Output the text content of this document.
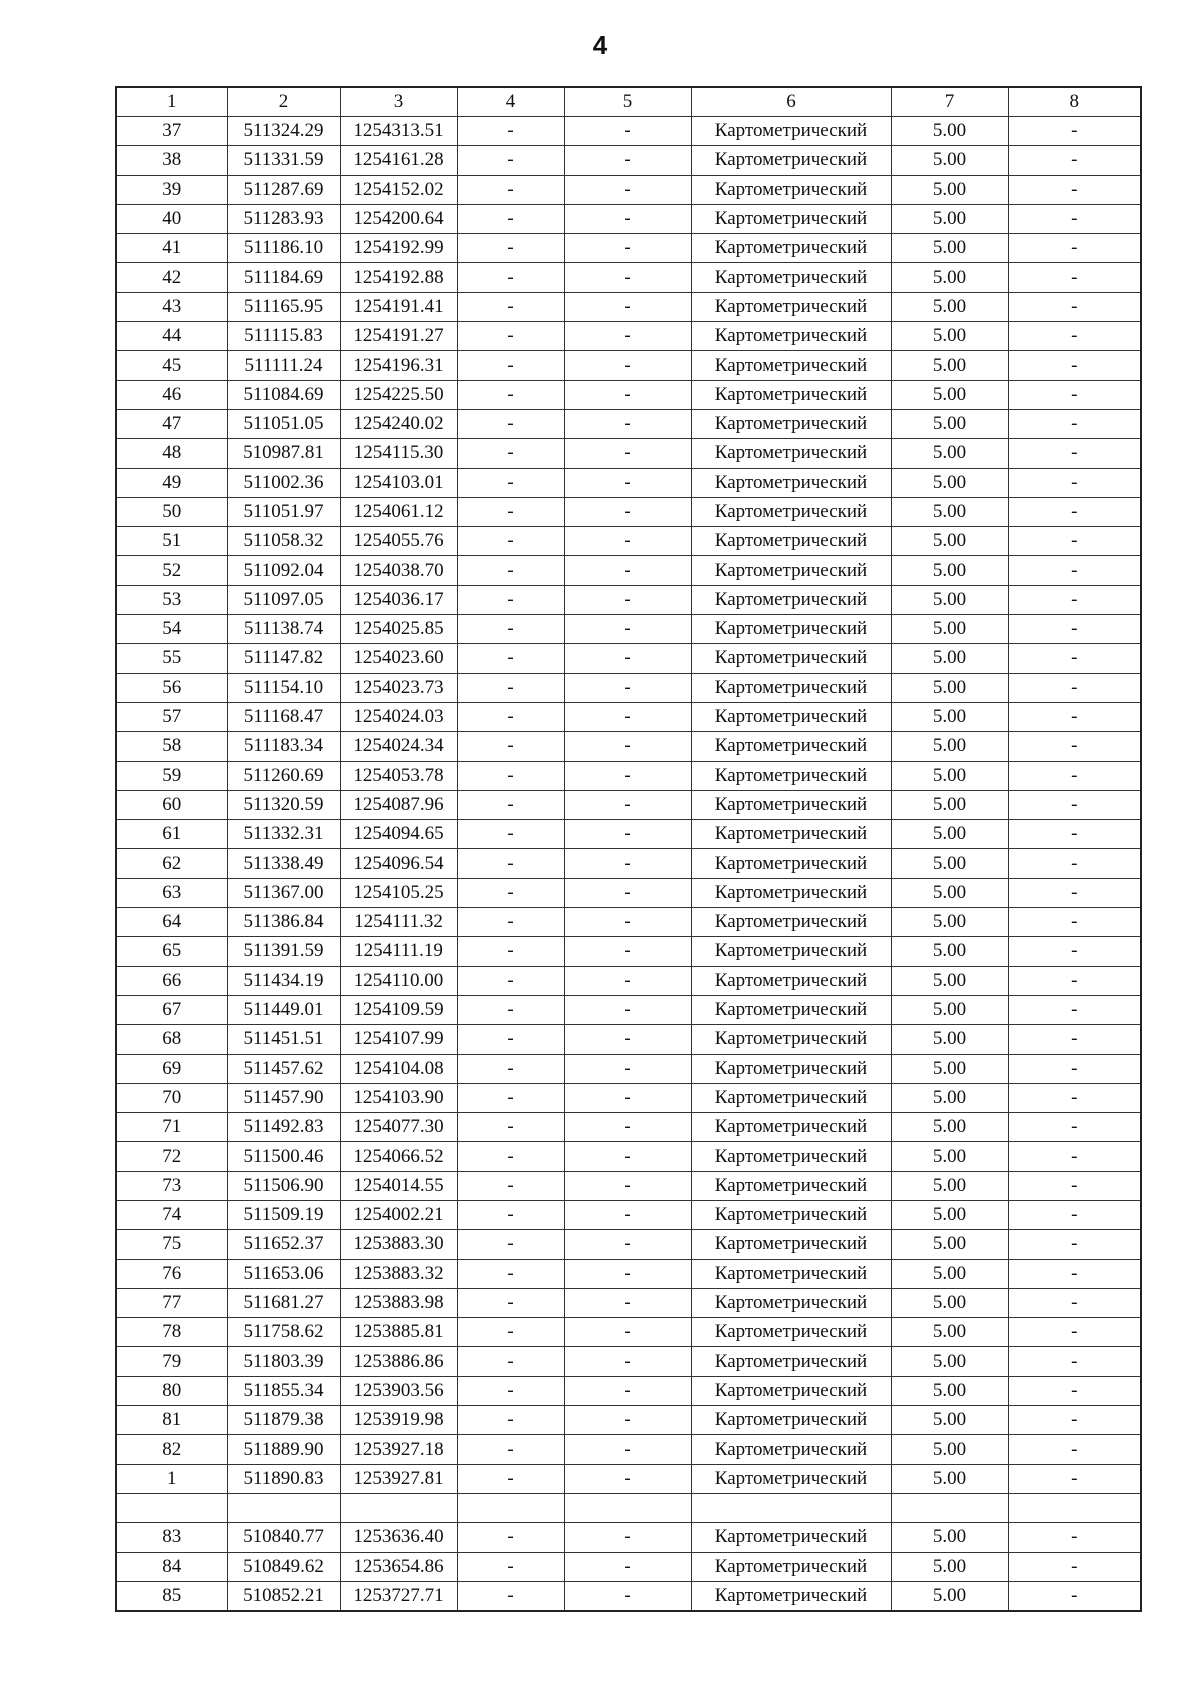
4
1	2	3	4	5	6	7	8
37	511324.29	1254313.51	-	-	Картометрический	5.00	-
38	511331.59	1254161.28	-	-	Картометрический	5.00	-
39	511287.69	1254152.02	-	-	Картометрический	5.00	-
40	511283.93	1254200.64	-	-	Картометрический	5.00	-
41	511186.10	1254192.99	-	-	Картометрический	5.00	-
42	511184.69	1254192.88	-	-	Картометрический	5.00	-
43	511165.95	1254191.41	-	-	Картометрический	5.00	-
44	511115.83	1254191.27	-	-	Картометрический	5.00	-
45	511111.24	1254196.31	-	-	Картометрический	5.00	-
46	511084.69	1254225.50	-	-	Картометрический	5.00	-
47	511051.05	1254240.02	-	-	Картометрический	5.00	-
48	510987.81	1254115.30	-	-	Картометрический	5.00	-
49	511002.36	1254103.01	-	-	Картометрический	5.00	-
50	511051.97	1254061.12	-	-	Картометрический	5.00	-
51	511058.32	1254055.76	-	-	Картометрический	5.00	-
52	511092.04	1254038.70	-	-	Картометрический	5.00	-
53	511097.05	1254036.17	-	-	Картометрический	5.00	-
54	511138.74	1254025.85	-	-	Картометрический	5.00	-
55	511147.82	1254023.60	-	-	Картометрический	5.00	-
56	511154.10	1254023.73	-	-	Картометрический	5.00	-
57	511168.47	1254024.03	-	-	Картометрический	5.00	-
58	511183.34	1254024.34	-	-	Картометрический	5.00	-
59	511260.69	1254053.78	-	-	Картометрический	5.00	-
60	511320.59	1254087.96	-	-	Картометрический	5.00	-
61	511332.31	1254094.65	-	-	Картометрический	5.00	-
62	511338.49	1254096.54	-	-	Картометрический	5.00	-
63	511367.00	1254105.25	-	-	Картометрический	5.00	-
64	511386.84	1254111.32	-	-	Картометрический	5.00	-
65	511391.59	1254111.19	-	-	Картометрический	5.00	-
66	511434.19	1254110.00	-	-	Картометрический	5.00	-
67	511449.01	1254109.59	-	-	Картометрический	5.00	-
68	511451.51	1254107.99	-	-	Картометрический	5.00	-
69	511457.62	1254104.08	-	-	Картометрический	5.00	-
70	511457.90	1254103.90	-	-	Картометрический	5.00	-
71	511492.83	1254077.30	-	-	Картометрический	5.00	-
72	511500.46	1254066.52	-	-	Картометрический	5.00	-
73	511506.90	1254014.55	-	-	Картометрический	5.00	-
74	511509.19	1254002.21	-	-	Картометрический	5.00	-
75	511652.37	1253883.30	-	-	Картометрический	5.00	-
76	511653.06	1253883.32	-	-	Картометрический	5.00	-
77	511681.27	1253883.98	-	-	Картометрический	5.00	-
78	511758.62	1253885.81	-	-	Картометрический	5.00	-
79	511803.39	1253886.86	-	-	Картометрический	5.00	-
80	511855.34	1253903.56	-	-	Картометрический	5.00	-
81	511879.38	1253919.98	-	-	Картометрический	5.00	-
82	511889.90	1253927.18	-	-	Картометрический	5.00	-
1	511890.83	1253927.81	-	-	Картометрический	5.00	-

83	510840.77	1253636.40	-	-	Картометрический	5.00	-
84	510849.62	1253654.86	-	-	Картометрический	5.00	-
85	510852.21	1253727.71	-	-	Картометрический	5.00	-
